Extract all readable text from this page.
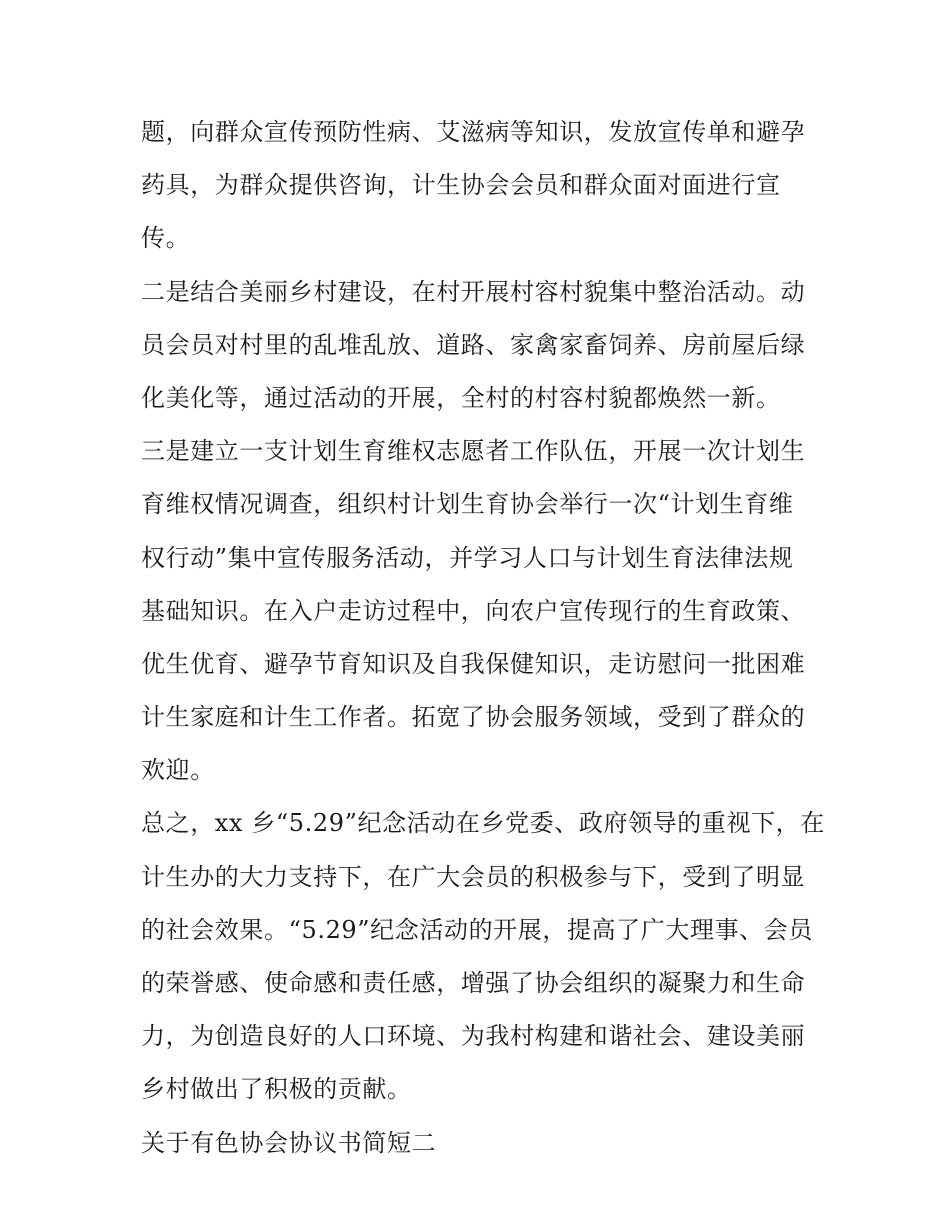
题，向群众宣传预防性病、艾滋病等知识，发放宣传单和避孕
药具，为群众提供咨询，计生协会会员和群众面对面进行宣
传。
二是结合美丽乡村建设，在村开展村容村貌集中整治活动。动
员会员对村里的乱堆乱放、道路、家禽家畜饲养、房前屋后绿
化美化等，通过活动的开展，全村的村容村貌都焕然一新。
三是建立一支计划生育维权志愿者工作队伍，开展一次计划生
育维权情况调查，组织村计划生育协会举行一次“计划生育维
权行动”集中宣传服务活动，并学习人口与计划生育法律法规
基础知识。在入户走访过程中，向农户宣传现行的生育政策、
优生优育、避孕节育知识及自我保健知识，走访慰问一批困难
计生家庭和计生工作者。拓宽了协会服务领域，受到了群众的
欢迎。
总之，xx 乡“5.29”纪念活动在乡党委、政府领导的重视下，在
计生办的大力支持下，在广大会员的积极参与下，受到了明显
的社会效果。“5.29”纪念活动的开展，提高了广大理事、会员
的荣誉感、使命感和责任感，增强了协会组织的凝聚力和生命
力，为创造良好的人口环境、为我村构建和谐社会、建设美丽
乡村做出了积极的贡献。
关于有色协会协议书简短二
